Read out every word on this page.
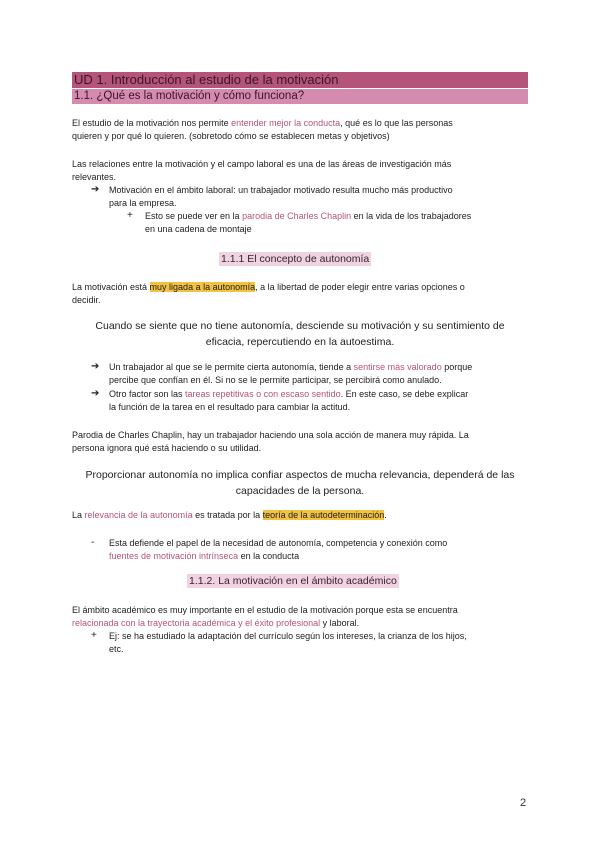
UD 1. Introducción al estudio de la motivación
1.1. ¿Qué es la motivación y cómo funciona?
El estudio de la motivación nos permite entender mejor la conducta, qué es lo que las personas
quieren y por qué lo quieren. (sobretodo cómo se establecen metas y objetivos)
Las relaciones entre la motivación y el campo laboral es una de las áreas de investigación más
relevantes.
➔ Motivación en el ámbito laboral: un trabajador motivado resulta mucho más productivo
para la empresa.
+ Esto se puede ver en la parodia de Charles Chaplin en la vida de los trabajadores
en una cadena de montaje
1.1.1 El concepto de autonomía
La motivación está muy ligada a la autonomía, a la libertad de poder elegir entre varias opciones o
decidir.
Cuando se siente que no tiene autonomía, desciende su motivación y su sentimiento de
eficacia, repercutiendo en la autoestima.
➔ Un trabajador al que se le permite cierta autonomía, tiende a sentirse más valorado porque
percibe que confían en él. Si no se le permite participar, se percibirá como anulado.
➔ Otro factor son las tareas repetitivas o con escaso sentido. En este caso, se debe explicar
la función de la tarea en el resultado para cambiar la actitud.
Parodia de Charles Chaplin, hay un trabajador haciendo una sola acción de manera muy rápida. La
persona ignora qué está haciendo o su utilidad.
Proporcionar autonomía no implica confiar aspectos de mucha relevancia, dependerá de las
capacidades de la persona.
La relevancia de la autonomía es tratada por la teoría de la autodeterminación.
- Esta defiende el papel de la necesidad de autonomía, competencia y conexión como
fuentes de motivación intrínseca en la conducta
1.1.2. La motivación en el ámbito académico
El ámbito académico es muy importante en el estudio de la motivación porque esta se encuentra
relacionada con la trayectoria académica y el éxito profesional y laboral.
+ Ej: se ha estudiado la adaptación del currículo según los intereses, la crianza de los hijos,
etc.
2
